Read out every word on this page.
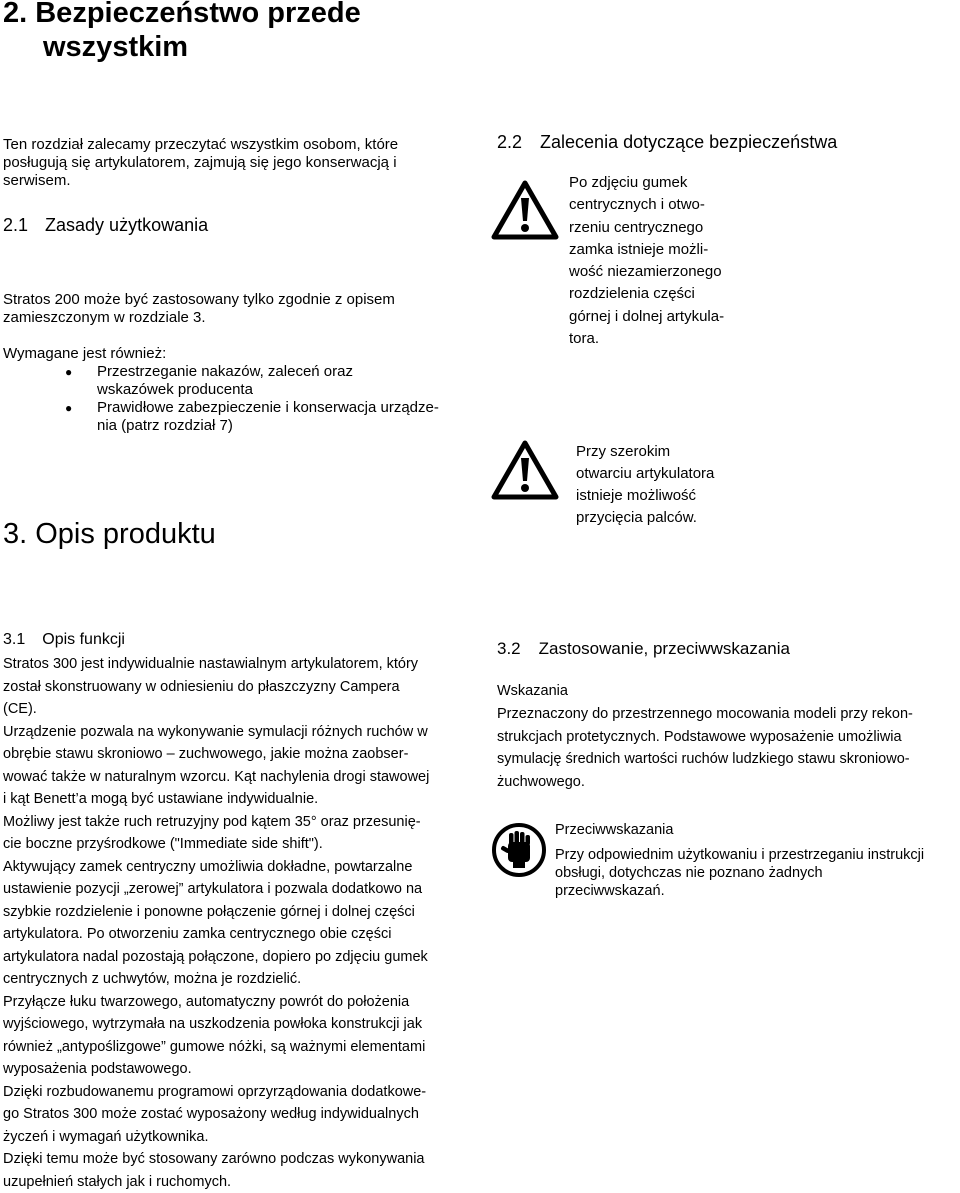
2. Bezpieczeństwo przede
wszystkim
Ten rozdział zalecamy przeczytać wszystkim osobom, które
posługują się artykulatorem, zajmują się jego konserwacją i
serwisem.
2.1 Zasady użytkowania
Stratos 200 może być zastosowany tylko zgodnie z opisem
zamieszczonym w rozdziale 3.
Wymagane jest również:
●	Przestrzeganie nakazów, zaleceń oraz
wskazówek producenta
●	Prawidłowe zabezpieczenie i konserwacja urządze-
nia (patrz rozdział 7)
3. Opis produktu
2.2 Zalecenia dotyczące bezpieczeństwa
Po zdjęciu gumek
centrycznych i otwo-
rzeniu centrycznego
zamka istnieje możli-
wość niezamierzonego
rozdzielenia części
górnej i dolnej artykula-
tora.
Przy szerokim
otwarciu artykulatora
istnieje możliwość
przycięcia palców.
3.1 Opis funkcji
Stratos 300 jest indywidualnie nastawialnym artykulatorem, który
został skonstruowany w odniesieniu do płaszczyzny Campera
(CE).
Urządzenie pozwala na wykonywanie symulacji różnych ruchów w
obrębie stawu skroniowo – zuchwowego, jakie można zaobser-
wować także w naturalnym wzorcu. Kąt nachylenia drogi stawowej
i kąt Benett’a mogą być ustawiane indywidualnie.
Możliwy jest także ruch retruzyjny pod kątem 35° oraz przesunię-
cie boczne przyśrodkowe ("Immediate side shift").
Aktywujący zamek centryczny umożliwia dokładne, powtarzalne
ustawienie pozycji „zerowej” artykulatora i pozwala dodatkowo na
szybkie rozdzielenie i ponowne połączenie górnej i dolnej części
artykulatora. Po otworzeniu zamka centrycznego obie części
artykulatora nadal pozostają połączone, dopiero po zdjęciu gumek
centrycznych z uchwytów, można je rozdzielić.
Przyłącze łuku twarzowego, automatyczny powrót do położenia
wyjściowego, wytrzymała na uszkodzenia powłoka konstrukcji jak
również „antypoślizgowe” gumowe nóżki, są ważnymi elementami
wyposażenia podstawowego.
Dzięki rozbudowanemu programowi oprzyrządowania dodatkowe-
go Stratos 300 może zostać wyposażony według indywidualnych
życzeń i wymagań użytkownika.
Dzięki temu może być stosowany zarówno podczas wykonywania
uzupełnień stałych jak i ruchomych.
3.2 Zastosowanie, przeciwwskazania
Wskazania
Przeznaczony do przestrzennego mocowania modeli przy rekon-
strukcjach protetycznych. Podstawowe wyposażenie umożliwia
symulację średnich wartości ruchów ludzkiego stawu skroniowo-
żuchwowego.
Przeciwwskazania
Przy odpowiednim użytkowaniu i przestrzeganiu instrukcji
obsługi, dotychczas nie poznano żadnych
przeciwwskazań.
